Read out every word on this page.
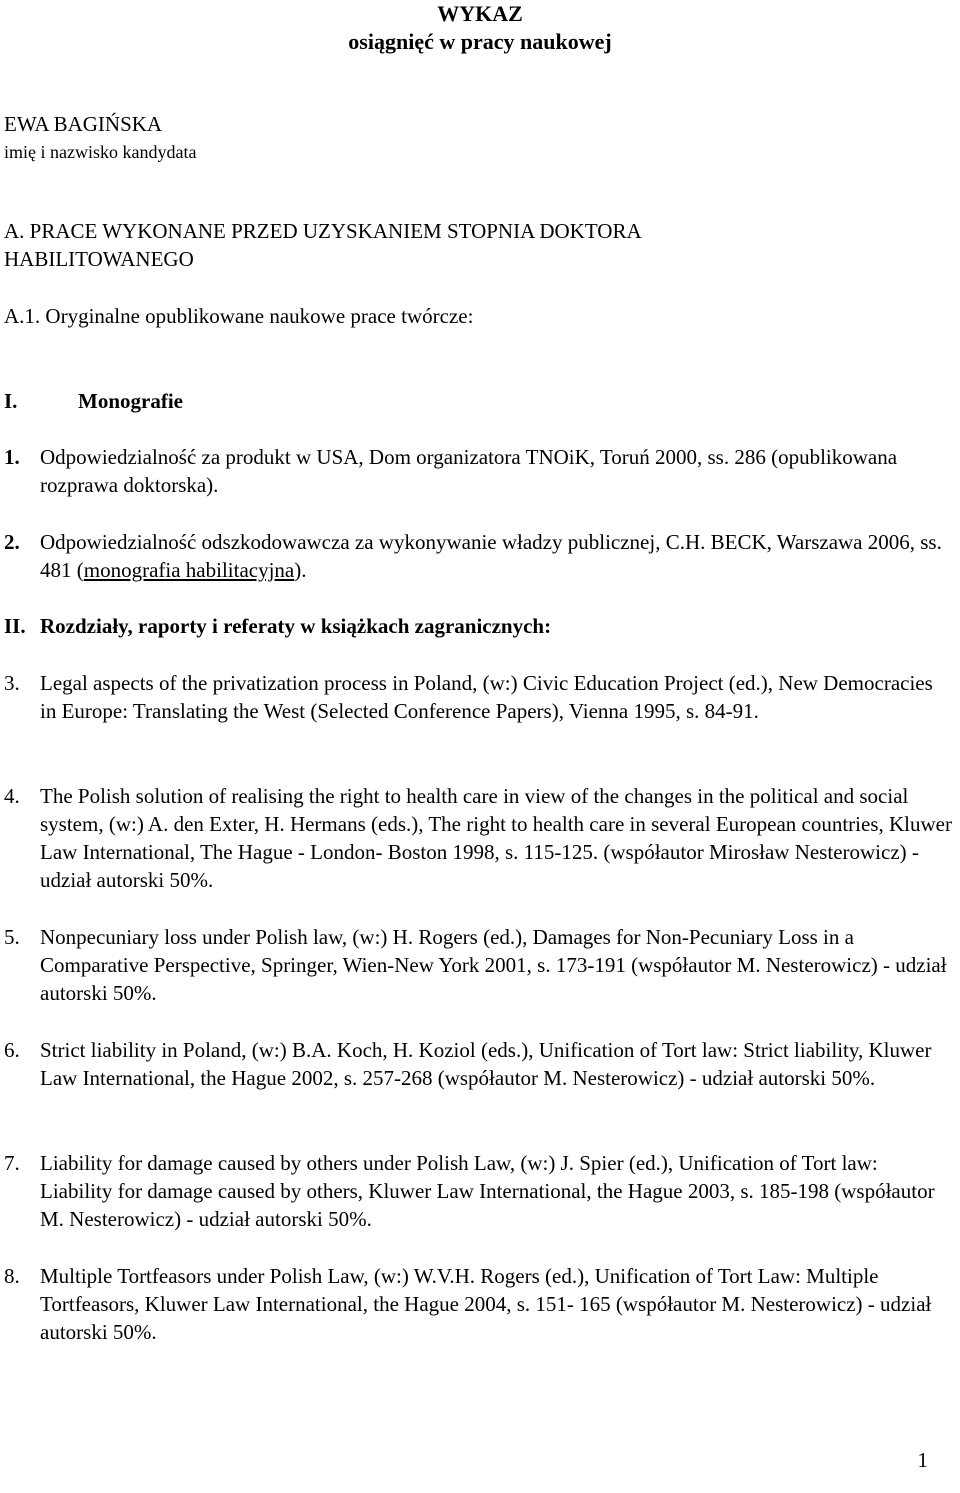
WYKAZ
osiągnięć w pracy naukowej
EWA BAGIŃSKA
imię i nazwisko kandydata
A. PRACE WYKONANE PRZED UZYSKANIEM STOPNIA DOKTORA
HABILITOWANEGO
A.1. Oryginalne opublikowane naukowe prace twórcze:
I.	Monografie
1. Odpowiedzialność za produkt w USA, Dom organizatora TNOiK, Toruń 2000, ss. 286 (opublikowana rozprawa doktorska).
2. Odpowiedzialność odszkodowawcza za wykonywanie władzy publicznej, C.H. BECK, Warszawa 2006, ss. 481 (monografia habilitacyjna).
II. Rozdziały, raporty i referaty w książkach zagranicznych:
3. Legal aspects of the privatization process in Poland, (w:) Civic Education Project (ed.), New Democracies in Europe: Translating the West (Selected Conference Papers), Vienna 1995, s. 84-91.
4. The Polish solution of realising the right to health care in view of the changes in the political and social system, (w:) A. den Exter, H. Hermans (eds.), The right to health care in several European countries, Kluwer Law International, The Hague - London- Boston 1998, s. 115-125. (współautor Mirosław Nesterowicz) - udział autorski 50%.
5. Nonpecuniary loss under Polish law, (w:) H. Rogers (ed.), Damages for Non-Pecuniary Loss in a Comparative Perspective, Springer, Wien-New York 2001, s. 173-191 (współautor M. Nesterowicz) - udział autorski 50%.
6. Strict liability in Poland, (w:) B.A. Koch, H. Koziol (eds.), Unification of Tort law: Strict liability, Kluwer Law International, the Hague 2002, s. 257-268 (współautor M. Nesterowicz) - udział autorski 50%.
7. Liability for damage caused by others under Polish Law, (w:) J. Spier (ed.), Unification of Tort law: Liability for damage caused by others, Kluwer Law International, the Hague 2003, s. 185-198 (współautor M. Nesterowicz) - udział autorski 50%.
8. Multiple Tortfeasors under Polish Law, (w:) W.V.H. Rogers (ed.), Unification of Tort Law: Multiple Tortfeasors, Kluwer Law International, the Hague 2004, s. 151- 165 (współautor M. Nesterowicz) - udział autorski 50%.
1
